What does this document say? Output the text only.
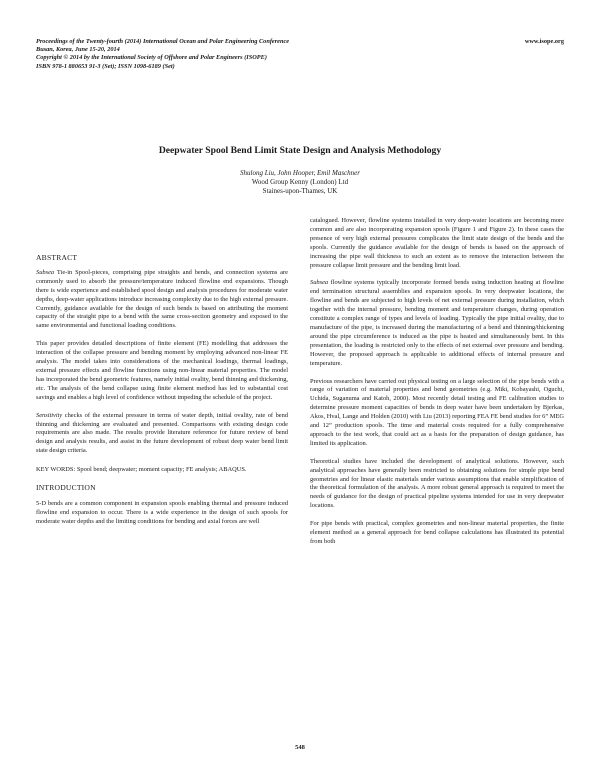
Proceedings of the Twenty-fourth (2014) International Ocean and Polar Engineering Conference
Busan, Korea, June 15-20, 2014
Copyright © 2014 by the International Society of Offshore and Polar Engineers (ISOPE)
ISBN 978-1 880653 91-3 (Set); ISSN 1098-6189 (Set)
www.isope.org
Deepwater Spool Bend Limit State Design and Analysis Methodology
Shulong Liu, John Hooper, Emil Maschner
Wood Group Kenny (London) Ltd
Staines-upon-Thames, UK

ABSTRACT

Subsea Tie-in Spool-pieces, comprising pipe straights and bends, and connection systems are commonly used to absorb the pressure/temperature induced flowline end expansions. Though there is wide experience and established spool design and analysis procedures for moderate water depths, deep-water applications introduce increasing complexity due to the high external pressure. Currently, guidance available for the design of such bends is based on attributing the moment capacity of the straight pipe to a bend with the same cross-section geometry and exposed to the same environmental and functional loading conditions.

This paper provides detailed descriptions of finite element (FE) modelling that addresses the interaction of the collapse pressure and bending moment by employing advanced non-linear FE analysis. The model takes into considerations of the mechanical loadings, thermal loadings, external pressure effects and flowline functions using non-linear material properties. The model has incorporated the bend geometric features, namely initial ovality, bend thinning and thickening, etc. The analysis of the bend collapse using finite element method has led to substantial cost savings and enables a high level of confidence without impeding the schedule of the project.

Sensitivity checks of the external pressure in terms of water depth, initial ovality, rate of bend thinning and thickening are evaluated and presented. Comparisons with existing design code requirements are also made. The results provide literature reference for future review of bend design and analysis results, and assist in the future development of robust deep water bend limit state design criteria.

KEY WORDS: Spool bend; deepwater; moment capacity; FE analysis; ABAQUS.

INTRODUCTION

5-D bends are a common component in expansion spools enabling thermal and pressure induced flowline end expansion to occur. There is a wide experience in the design of such spools for moderate water depths and the limiting conditions for bending and axial forces are well

catalogued. However, flowline systems installed in very deep-water locations are becoming more common and are also incorporating expansion spools (Figure 1 and Figure 2). In these cases the presence of very high external pressures complicates the limit state design of the bends and the spools. Currently the guidance available for the design of bends is based on the approach of increasing the pipe wall thickness to such an extent as to remove the interaction between the pressure collapse limit pressure and the bending limit load.

Subsea flowline systems typically incorporate formed bends using induction heating at flowline end termination structural assemblies and expansion spools. In very deepwater locations, the flowline and bends are subjected to high levels of net external pressure during installation, which together with the internal pressure, bending moment and temperature changes, during operation constitute a complex range of types and levels of loading. Typically the pipe initial ovality, due to manufacture of the pipe, is increased during the manufacturing of a bend and thinning/thickening around the pipe circumference is induced as the pipe is heated and simultaneously bent. In this presentation, the loading is restricted only to the effects of net external over pressure and bending. However, the proposed approach is applicable to additional effects of internal pressure and temperature.

Previous researchers have carried out physical testing on a large selection of the pipe bends with a range of variation of material properties and bend geometries (e.g. Miki, Kobayashi, Oguchi, Uchida, Suganuma and Katoh, 2000). Most recently detail testing and FE calibration studies to determine pressure moment capacities of bends in deep water have been undertaken by Bjerkas, Akos, Hval, Lange and Holden (2010) with Liu (2013) reporting FEA FE bend studies for 6” MEG and 12” production spools. The time and material costs required for a fully comprehensive approach to the test work, that could act as a basis for the preparation of design guidance, has limited its application.

Theoretical studies have included the development of analytical solutions. However, such analytical approaches have generally been restricted to obtaining solutions for simple pipe bend geometries and for linear elastic materials under various assumptions that enable simplification of the theoretical formulation of the analysis. A more robust general approach is required to meet the needs of guidance for the design of practical pipeline systems intended for use in very deepwater locations.

For pipe bends with practical, complex geometries and non-linear material properties, the finite element method as a general approach for bend collapse calculations has illustrated its potential from both

548
